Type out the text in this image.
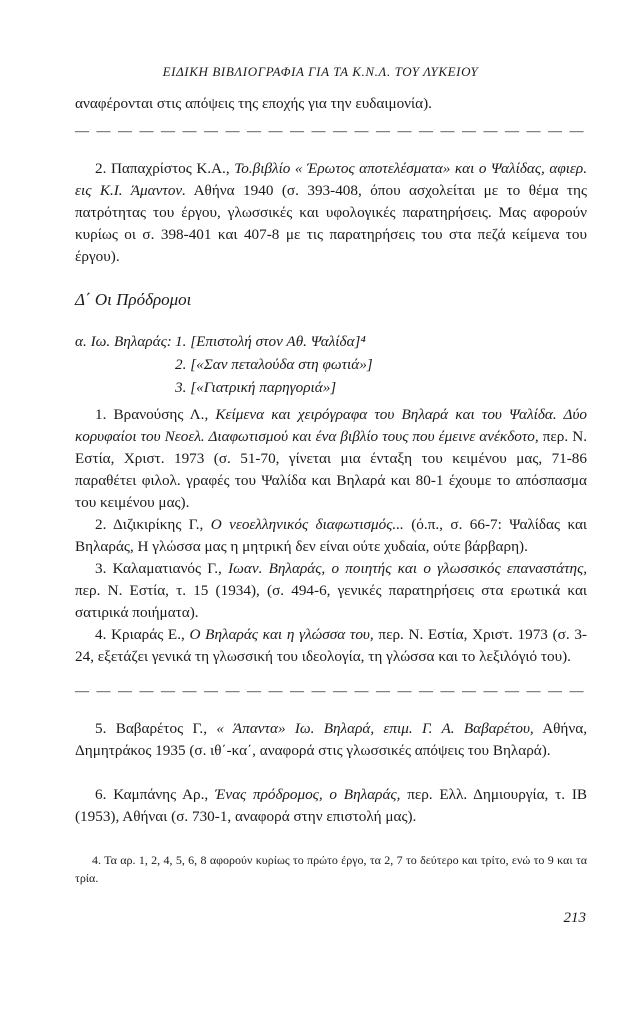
ΕΙΔΙΚΗ ΒΙΒΛΙΟΓΡΑΦΙΑ ΓΙΑ ΤΑ Κ.Ν.Λ. ΤΟΥ ΛΥΚΕΙΟΥ
αναφέρονται στις απόψεις της εποχής για την ευδαιμονία).
— — — — — — — — — — — — — — — — — — — — — — — —
2. Παπαχρίστος Κ.Α., Το.βιβλίο « Έρωτος αποτελέσματα» και ο Ψαλίδας, αφιερ. εις Κ.Ι. Άμαντον. Αθήνα 1940 (σ. 393-408, όπου ασχολείται με το θέμα της πατρότητας του έργου, γλωσσικές και υφολογικές παρατηρήσεις. Μας αφορούν κυρίως οι σ. 398-401 και 407-8 με τις παρατηρήσεις του στα πεζά κείμενα του έργου).
Δ΄ Οι Πρόδρομοι
α. Ιω. Βηλαράς: 1. [Επιστολή στον Αθ. Ψαλίδα]⁴
2. [«Σαν πεταλούδα στη φωτιά»]
3. [«Γιατρική παρηγοριά»]
1. Βρανούσης Λ., Κείμενα και χειρόγραφα του Βηλαρά και του Ψαλίδα. Δύο κορυφαίοι του Νεοελ. Διαφωτισμού και ένα βιβλίο τους που έμεινε ανέκδοτο, περ. Ν. Εστία, Χριστ. 1973 (σ. 51-70, γίνεται μια ένταξη του κειμένου μας, 71-86 παραθέτει φιλολ. γραφές του Ψαλίδα και Βηλαρά και 80-1 έχουμε το απόσπασμα του κειμένου μας).
2. Διζικιρίκης Γ., Ο νεοελληνικός διαφωτισμός... (ό.π., σ. 66-7: Ψαλίδας και Βηλαράς, Η γλώσσα μας η μητρική δεν είναι ούτε χυδαία, ούτε βάρβαρη).
3. Καλαματιανός Γ., Ιωαν. Βηλαράς, ο ποιητής και ο γλωσσικός επαναστάτης, περ. Ν. Εστία, τ. 15 (1934), (σ. 494-6, γενικές παρατηρήσεις στα ερωτικά και σατιρικά ποιήματα).
4. Κριαράς Ε., Ο Βηλαράς και η γλώσσα του, περ. Ν. Εστία, Χριστ. 1973 (σ. 3-24, εξετάζει γενικά τη γλωσσική του ιδεολογία, τη γλώσσα και το λεξιλόγιό του).
— — — — — — — — — — — — — — — — — — — — — — — —
5. Βαβαρέτος Γ., « Άπαντα» Ιω. Βηλαρά, επιμ. Γ. Α. Βαβαρέτου, Αθήνα, Δημητράκος 1935 (σ. ιθ΄-κα΄, αναφορά στις γλωσσικές απόψεις του Βηλαρά).
6. Καμπάνης Αρ., Ένας πρόδρομος, ο Βηλαράς, περ. Ελλ. Δημιουργία, τ. ΙΒ (1953), Αθήναι (σ. 730-1, αναφορά στην επιστολή μας).
4. Τα αρ. 1, 2, 4, 5, 6, 8 αφορούν κυρίως το πρώτο έργο, τα 2, 7 το δεύτερο και τρίτο, ενώ το 9 και τα τρία.
213
